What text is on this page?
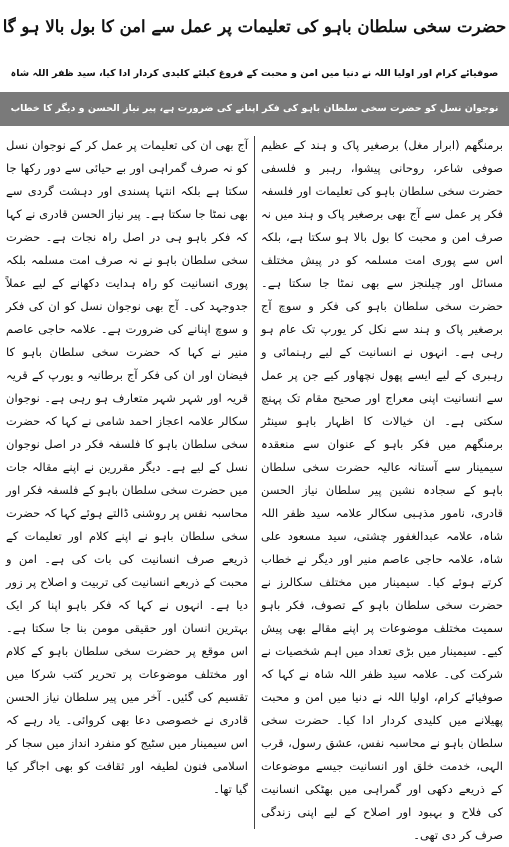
حضرت سخی سلطان باہو کی تعلیمات پر عمل سے امن کا بول بالا ہو گا
صوفیائے کرام اور اولیا اللہ نے دنیا میں امن و محبت کے فروغ کیلئے کلیدی کردار ادا کیا، سید ظفر اللہ شاہ
نوجوان نسل کو حضرت سخی سلطان باہو کی فکر اپنانے کی ضرورت ہے، پیر نیاز الحسن و دیگر کا خطاب

برمنگھم (ابرار مغل) برصغیر پاک و ہند کے عظیم صوفی شاعر، روحانی پیشوا، رہبر و فلسفی حضرت سخی سلطان باہو کی تعلیمات اور فلسفہ فکر پر عمل سے آج بھی برصغیر پاک و ہند میں نہ صرف امن و محبت کا بول بالا ہو سکتا ہے، بلکہ اس سے پوری امت مسلمہ کو در پیش مختلف مسائل اور چیلنجز سے بھی نمٹا جا سکتا ہے۔ حضرت سخی سلطان باہو کی فکر و سوچ آج برصغیر پاک و ہند سے نکل کر یورپ تک عام ہو رہی ہے۔ انہوں نے انسانیت کے لیے رہنمائی و رہبری کے لیے ایسے پھول نچھاور کیے جن پر عمل سے انسانیت اپنی معراج اور صحیح مقام تک پہنچ سکتی ہے۔ ان خیالات کا اظہار باہو سینٹر برمنگھم میں فکر باہو کے عنوان سے منعقدہ سیمینار سے آستانہ عالیہ حضرت سخی سلطان باہو کے سجادہ نشین پیر سلطان نیاز الحسن قادری، نامور مذہبی سکالر علامہ سید ظفر اللہ شاہ، علامہ عبدالغفور چشتی، سید مسعود علی شاہ، علامہ حاجی عاصم منیر اور دیگر نے خطاب کرتے ہوئے کیا۔ سیمینار میں مختلف سکالرز نے حضرت سخی سلطان باہو کے تصوف، فکر باہو سمیت مختلف موضوعات پر اپنے مقالے بھی پیش کیے۔ سیمینار میں بڑی تعداد میں اہم شخصیات نے شرکت کی۔ علامہ سید ظفر اللہ شاہ نے کہا کہ صوفیائے کرام، اولیا اللہ نے دنیا میں امن و محبت پھیلانے میں کلیدی کردار ادا کیا۔ حضرت سخی سلطان باہو نے محاسبہ نفس، عشق رسول، قرب الہی، خدمت خلق اور انسانیت جیسے موضوعات کے ذریعے دکھی اور گمراہی میں بھٹکی انسانیت کی فلاح و بہبود اور اصلاح کے لیے اپنی زندگی صرف کر دی تھی۔

آج بھی ان کی تعلیمات پر عمل کر کے نوجوان نسل کو نہ صرف گمراہی اور بے حیائی سے دور رکھا جا سکتا ہے بلکہ انتہا پسندی اور دہشت گردی سے بھی نمٹا جا سکتا ہے۔ پیر نیاز الحسن قادری نے کہا کہ فکر باہو ہی در اصل راہ نجات ہے۔ حضرت سخی سلطان باہو نے نہ صرف امت مسلمہ بلکہ پوری انسانیت کو راہ ہدایت دکھانے کے لیے عملاً جدوجہد کی۔ آج بھی نوجوان نسل کو ان کی فکر و سوچ اپنانے کی ضرورت ہے۔ علامہ حاجی عاصم منیر نے کہا کہ حضرت سخی سلطان باہو کا فیضان اور ان کی فکر آج برطانیہ و یورپ کے قریہ قریہ اور شہر شہر متعارف ہو رہی ہے۔ نوجوان سکالر علامہ اعجاز احمد شامی نے کہا کہ حضرت سخی سلطان باہو کا فلسفہ فکر در اصل نوجوان نسل کے لیے ہے۔ دیگر مقررین نے اپنے مقالہ جات میں حضرت سخی سلطان باہو کے فلسفہ فکر اور محاسبہ نفس پر روشنی ڈالتے ہوئے کہا کہ حضرت سخی سلطان باہو نے اپنے کلام اور تعلیمات کے ذریعے صرف انسانیت کی بات کی ہے۔ امن و محبت کے ذریعے انسانیت کی تربیت و اصلاح پر زور دیا ہے۔ انہوں نے کہا کہ فکر باہو اپنا کر ایک بہترین انسان اور حقیقی مومن بنا جا سکتا ہے۔ اس موقع پر حضرت سخی سلطان باہو کے کلام اور مختلف موضوعات پر تحریر کتب شرکا میں تقسیم کی گئیں۔ آخر میں پیر سلطان نیاز الحسن قادری نے خصوصی دعا بھی کروائی۔ یاد رہے کہ اس سیمینار میں سٹیج کو منفرد انداز میں سجا کر اسلامی فنون لطیفہ اور ثقافت کو بھی اجاگر کیا گیا تھا۔
